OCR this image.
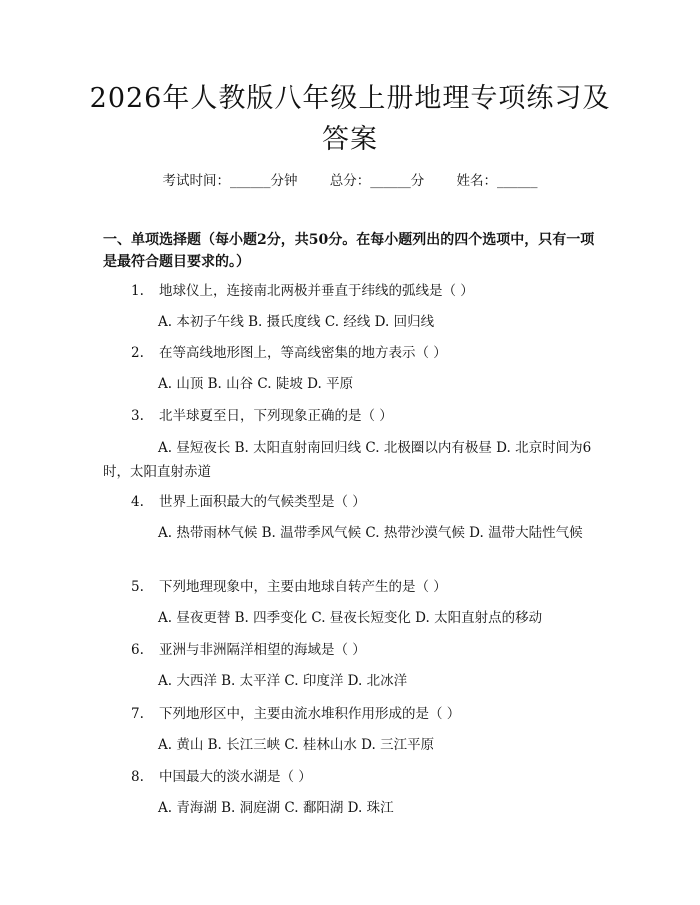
2026年人教版八年级上册地理专项练习及答案
考试时间：______分钟 总分：______分 姓名：______
一、单项选择题（每小题2分，共50分。在每小题列出的四个选项中，只有一项是最符合题目要求的。）
1.	地球仪上，连接南北两极并垂直于纬线的弧线是（ ）
A. 本初子午线 B. 摄氏度线 C. 经线 D. 回归线
2.	在等高线地形图上，等高线密集的地方表示（ ）
A. 山顶 B. 山谷 C. 陡坡 D. 平原
3.	北半球夏至日，下列现象正确的是（ ）
A. 昼短夜长 B. 太阳直射南回归线 C. 北极圈以内有极昼 D. 北京时间为6时，太阳直射赤道
4.	世界上面积最大的气候类型是（ ）
A. 热带雨林气候 B. 温带季风气候 C. 热带沙漠气候 D. 温带大陆性气候
5.	下列地理现象中，主要由地球自转产生的是（ ）
A. 昼夜更替 B. 四季变化 C. 昼夜长短变化 D. 太阳直射点的移动
6.	亚洲与非洲隔洋相望的海域是（ ）
A. 大西洋 B. 太平洋 C. 印度洋 D. 北冰洋
7.	下列地形区中，主要由流水堆积作用形成的是（ ）
A. 黄山 B. 长江三峡 C. 桂林山水 D. 三江平原
8.	中国最大的淡水湖是（ ）
A. 青海湖 B. 洞庭湖 C. 鄱阳湖 D. 珠江
